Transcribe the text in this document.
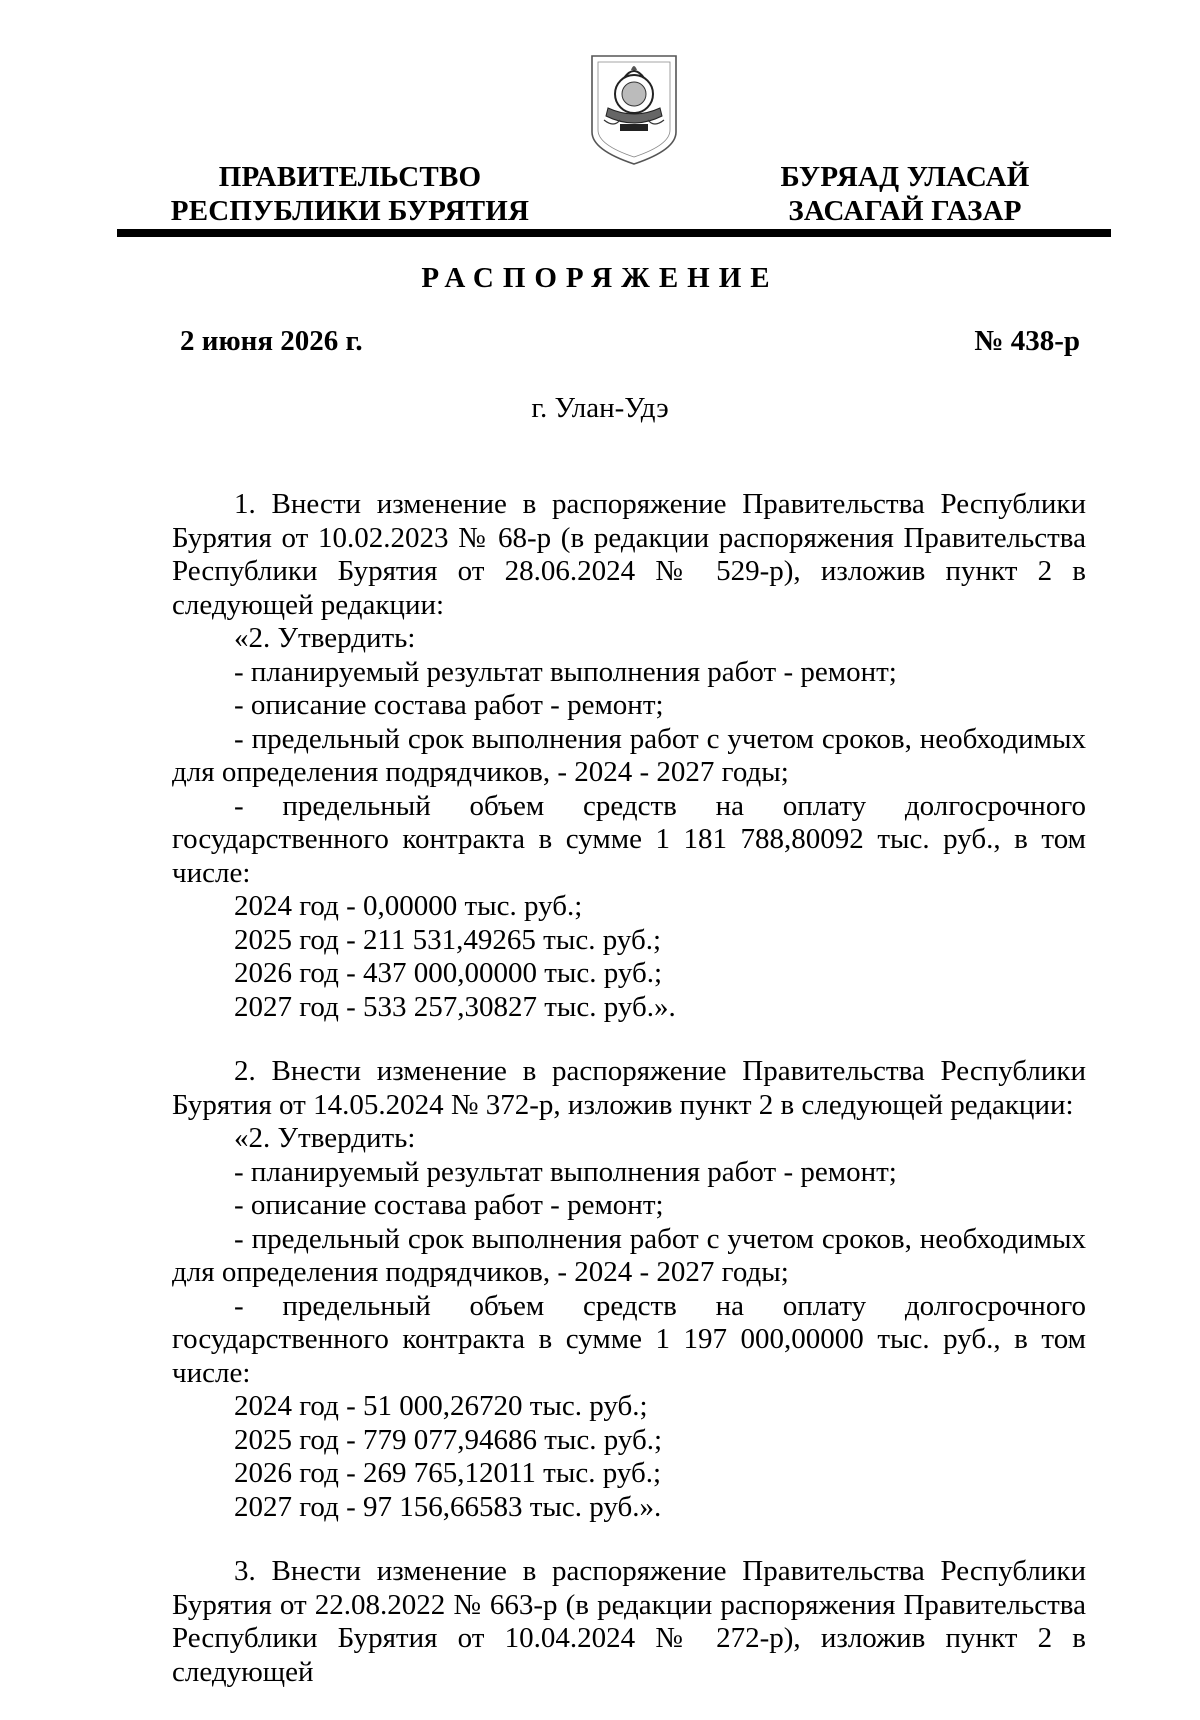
ПРАВИТЕЛЬСТВО
РЕСПУБЛИКИ БУРЯТИЯ
БУРЯАД УЛАСАЙ
ЗАСАГАЙ ГАЗАР
РАСПОРЯЖЕНИЕ
2 июня 2026 г.	№ 438-р
г. Улан-Удэ

1. Внести изменение в распоряжение Правительства Республики Бурятия от 10.02.2023 № 68-р (в редакции распоряжения Правительства Республики Бурятия от 28.06.2024 № 529-р), изложив пункт 2 в следующей редакции:

«2. Утвердить:

- планируемый результат выполнения работ - ремонт;

- описание состава работ - ремонт;

- предельный срок выполнения работ с учетом сроков, необходимых для определения подрядчиков, - 2024 - 2027 годы;

- предельный объем средств на оплату долгосрочного государственного контракта в сумме 1 181 788,80092 тыс. руб., в том числе:

2024 год - 0,00000 тыс. руб.;

2025 год - 211 531,49265 тыс. руб.;

2026 год - 437 000,00000 тыс. руб.;

2027 год - 533 257,30827 тыс. руб.».

2. Внести изменение в распоряжение Правительства Республики Бурятия от 14.05.2024 № 372-р, изложив пункт 2 в следующей редакции:

«2. Утвердить:

- планируемый результат выполнения работ - ремонт;

- описание состава работ - ремонт;

- предельный срок выполнения работ с учетом сроков, необходимых для определения подрядчиков, - 2024 - 2027 годы;

- предельный объем средств на оплату долгосрочного государственного контракта в сумме 1 197 000,00000 тыс. руб., в том числе:

2024 год - 51 000,26720 тыс. руб.;

2025 год - 779 077,94686 тыс. руб.;

2026 год - 269 765,12011 тыс. руб.;

2027 год - 97 156,66583 тыс. руб.».

3. Внести изменение в распоряжение Правительства Республики Бурятия от 22.08.2022 № 663-р (в редакции распоряжения Правительства Республики Бурятия от 10.04.2024 № 272-р), изложив пункт 2 в следующей
